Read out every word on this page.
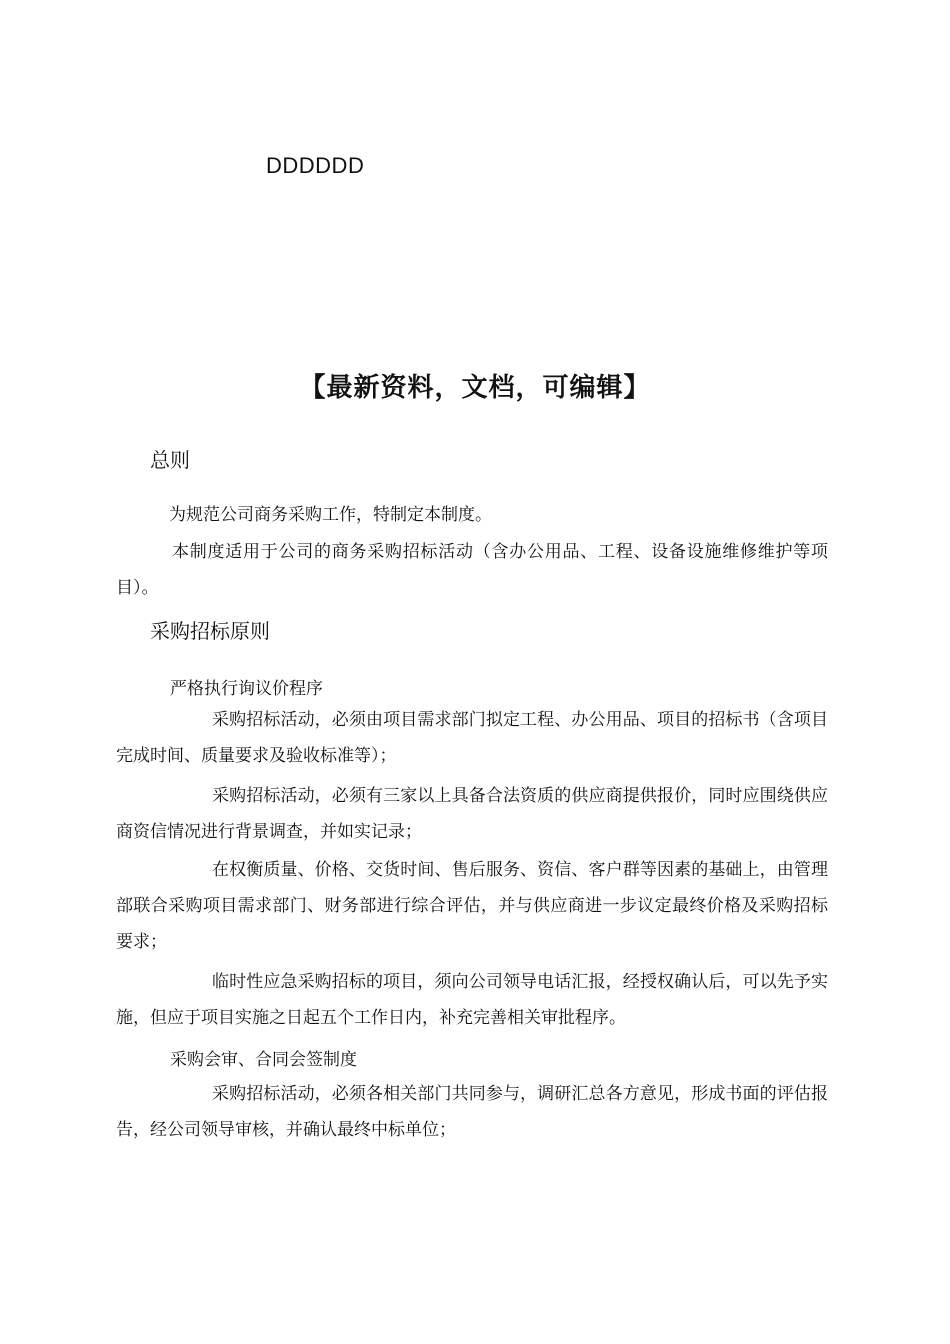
DDDDDD
【最新资料，文档，可编辑】
总则
为规范公司商务采购工作，特制定本制度。
本制度适用于公司的商务采购招标活动（含办公用品、工程、设备设施维修维护等项目）。
采购招标原则
严格执行询议价程序
采购招标活动，必须由项目需求部门拟定工程、办公用品、项目的招标书（含项目完成时间、质量要求及验收标准等）；
采购招标活动，必须有三家以上具备合法资质的供应商提供报价，同时应围绕供应商资信情况进行背景调查，并如实记录；
在权衡质量、价格、交货时间、售后服务、资信、客户群等因素的基础上，由管理部联合采购项目需求部门、财务部进行综合评估，并与供应商进一步议定最终价格及采购招标要求；
临时性应急采购招标的项目，须向公司领导电话汇报，经授权确认后，可以先予实施，但应于项目实施之日起五个工作日内，补充完善相关审批程序。
采购会审、合同会签制度
采购招标活动，必须各相关部门共同参与，调研汇总各方意见，形成书面的评估报告，经公司领导审核，并确认最终中标单位；
